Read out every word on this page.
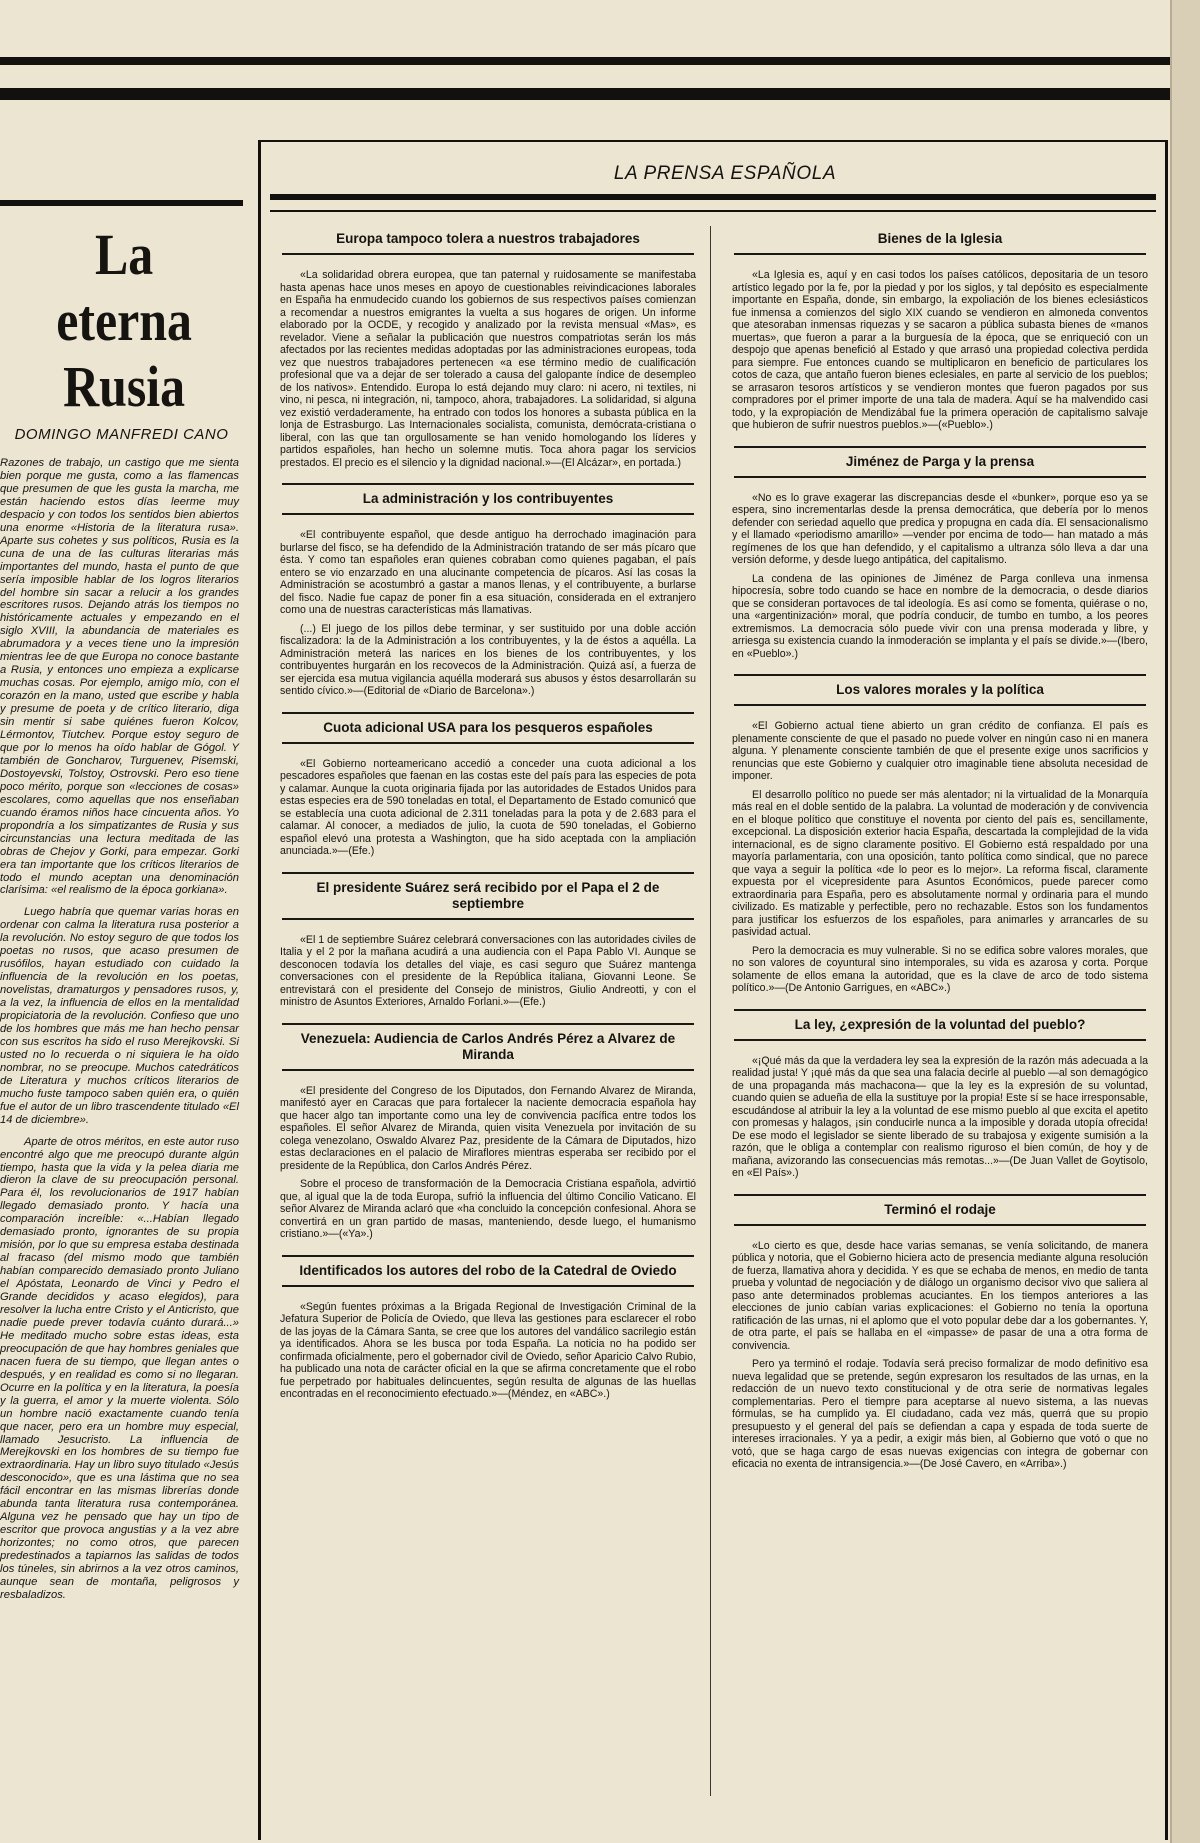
La eterna
Rusia
DOMINGO MANFREDI CANO

Razones de trabajo, un castigo que me sienta bien porque me gusta, como a las flamencas que presumen de que les gusta la marcha, me están haciendo estos días leerme muy despacio y con todos los sentidos bien abiertos una enorme «Historia de la literatura rusa». Aparte sus cohetes y sus políticos, Rusia es la cuna de una de las culturas literarias más importantes del mundo, hasta el punto de que sería imposible hablar de los logros literarios del hombre sin sacar a relucir a los grandes escritores rusos. Dejando atrás los tiempos no históricamente actuales y empezando en el siglo XVIII, la abundancia de materiales es abrumadora y a veces tiene uno la impresión mientras lee de que Europa no conoce bastante a Rusia, y entonces uno empieza a explicarse muchas cosas. Por ejemplo, amigo mío, con el corazón en la mano, usted que escribe y habla y presume de poeta y de crítico literario, diga sin mentir si sabe quiénes fueron Kolcov, Lérmontov, Tiutchev. Porque estoy seguro de que por lo menos ha oído hablar de Gógol. Y también de Goncharov, Turguenev, Pisemski, Dostoyevski, Tolstoy, Ostrovski. Pero eso tiene poco mérito, porque son «lecciones de cosas» escolares, como aquellas que nos enseñaban cuando éramos niños hace cincuenta años. Yo propondría a los simpatizantes de Rusia y sus circunstancias una lectura meditada de las obras de Chejov y Gorki, para empezar. Gorki era tan importante que los críticos literarios de todo el mundo aceptan una denominación clarísima: «el realismo de la época gorkiana».

Luego habría que quemar varias horas en ordenar con calma la literatura rusa posterior a la revolución. No estoy seguro de que todos los poetas no rusos, que acaso presumen de rusófilos, hayan estudiado con cuidado la influencia de la revolución en los poetas, novelistas, dramaturgos y pensadores rusos, y, a la vez, la influencia de ellos en la mentalidad propiciatoria de la revolución. Confieso que uno de los hombres que más me han hecho pensar con sus escritos ha sido el ruso Merejkovski. Si usted no lo recuerda o ni siquiera le ha oído nombrar, no se preocupe. Muchos catedráticos de Literatura y muchos críticos literarios de mucho fuste tampoco saben quién era, o quién fue el autor de un libro trascendente titulado «El 14 de diciembre».

Aparte de otros méritos, en este autor ruso encontré algo que me preocupó durante algún tiempo, hasta que la vida y la pelea diaria me dieron la clave de su preocupación personal. Para él, los revolucionarios de 1917 habían llegado demasiado pronto. Y hacía una comparación increíble: «...Habían llegado demasiado pronto, ignorantes de su propia misión, por lo que su empresa estaba destinada al fracaso (del mismo modo que también habían comparecido demasiado pronto Juliano el Apóstata, Leonardo de Vinci y Pedro el Grande decididos y acaso elegidos), para resolver la lucha entre Cristo y el Anticristo, que nadie puede prever todavía cuánto durará...» He meditado mucho sobre estas ideas, esta preocupación de que hay hombres geniales que nacen fuera de su tiempo, que llegan antes o después, y en realidad es como si no llegaran. Ocurre en la política y en la literatura, la poesía y la guerra, el amor y la muerte violenta. Sólo un hombre nació exactamente cuando tenía que nacer, pero era un hombre muy especial, llamado Jesucristo. La influencia de Merejkovski en los hombres de su tiempo fue extraordinaria. Hay un libro suyo titulado «Jesús desconocido», que es una lástima que no sea fácil encontrar en las mismas librerías donde abunda tanta literatura rusa contemporánea. Alguna vez he pensado que hay un tipo de escritor que provoca angustias y a la vez abre horizontes; no como otros, que parecen predestinados a tapiarnos las salidas de todos los túneles, sin abrirnos a la vez otros caminos, aunque sean de montaña, peligrosos y resbaladizos.

LA PRENSA ESPAÑOLA
Europa tampoco tolera a nuestros trabajadores

«La solidaridad obrera europea, que tan paternal y ruidosamente se manifestaba hasta apenas hace unos meses en apoyo de cuestionables reivindicaciones laborales en España ha enmudecido cuando los gobiernos de sus respectivos países comienzan a recomendar a nuestros emigrantes la vuelta a sus hogares de origen. Un informe elaborado por la OCDE, y recogido y analizado por la revista mensual «Mas», es revelador. Viene a señalar la publicación que nuestros compatriotas serán los más afectados por las recientes medidas adoptadas por las administraciones europeas, toda vez que nuestros trabajadores pertenecen «a ese término medio de cualificación profesional que va a dejar de ser tolerado a causa del galopante índice de desempleo de los nativos». Entendido. Europa lo está dejando muy claro: ni acero, ni textiles, ni vino, ni pesca, ni integración, ni, tampoco, ahora, trabajadores. La solidaridad, si alguna vez existió verdaderamente, ha entrado con todos los honores a subasta pública en la lonja de Estrasburgo. Las Internacionales socialista, comunista, demócrata-cristiana o liberal, con las que tan orgullosamente se han venido homologando los líderes y partidos españoles, han hecho un solemne mutis. Toca ahora pagar los servicios prestados. El precio es el silencio y la dignidad nacional.»—(El Alcázar», en portada.)

La administración y los contribuyentes

«El contribuyente español, que desde antiguo ha derrochado imaginación para burlarse del fisco, se ha defendido de la Administración tratando de ser más pícaro que ésta. Y como tan españoles eran quienes cobraban como quienes pagaban, el país entero se vio enzarzado en una alucinante competencia de pícaros. Así las cosas la Administración se acostumbró a gastar a manos llenas, y el contribuyente, a burlarse del fisco. Nadie fue capaz de poner fin a esa situación, considerada en el extranjero como una de nuestras características más llamativas.

(...) El juego de los pillos debe terminar, y ser sustituido por una doble acción fiscalizadora: la de la Administración a los contribuyentes, y la de éstos a aquélla. La Administración meterá las narices en los bienes de los contribuyentes, y los contribuyentes hurgarán en los recovecos de la Administración. Quizá así, a fuerza de ser ejercida esa mutua vigilancia aquélla moderará sus abusos y éstos desarrollarán su sentido cívico.»—(Editorial de «Diario de Barcelona».)

Cuota adicional USA para los pesqueros españoles

«El Gobierno norteamericano accedió a conceder una cuota adicional a los pescadores españoles que faenan en las costas este del país para las especies de pota y calamar. Aunque la cuota originaria fijada por las autoridades de Estados Unidos para estas especies era de 590 toneladas en total, el Departamento de Estado comunicó que se establecía una cuota adicional de 2.311 toneladas para la pota y de 2.683 para el calamar. Al conocer, a mediados de julio, la cuota de 590 toneladas, el Gobierno español elevó una protesta a Washington, que ha sido aceptada con la ampliación anunciada.»—(Efe.)

El presidente Suárez será recibido por el Papa el 2 de septiembre

«El 1 de septiembre Suárez celebrará conversaciones con las autoridades civiles de Italia y el 2 por la mañana acudirá a una audiencia con el Papa Pablo VI. Aunque se desconocen todavía los detalles del viaje, es casi seguro que Suárez mantenga conversaciones con el presidente de la República italiana, Giovanni Leone. Se entrevistará con el presidente del Consejo de ministros, Giulio Andreotti, y con el ministro de Asuntos Exteriores, Arnaldo Forlani.»—(Efe.)

Venezuela: Audiencia de Carlos Andrés Pérez a Alvarez de Miranda

«El presidente del Congreso de los Diputados, don Fernando Alvarez de Miranda, manifestó ayer en Caracas que para fortalecer la naciente democracia española hay que hacer algo tan importante como una ley de convivencia pacífica entre todos los españoles. El señor Alvarez de Miranda, quien visita Venezuela por invitación de su colega venezolano, Oswaldo Alvarez Paz, presidente de la Cámara de Diputados, hizo estas declaraciones en el palacio de Miraflores mientras esperaba ser recibido por el presidente de la República, don Carlos Andrés Pérez.

Sobre el proceso de transformación de la Democracia Cristiana española, advirtió que, al igual que la de toda Europa, sufrió la influencia del último Concilio Vaticano. El señor Alvarez de Miranda aclaró que «ha concluido la concepción confesional. Ahora se convertirá en un gran partido de masas, manteniendo, desde luego, el humanismo cristiano.»—(«Ya».)

Identificados los autores del robo de la Catedral de Oviedo

«Según fuentes próximas a la Brigada Regional de Investigación Criminal de la Jefatura Superior de Policía de Oviedo, que lleva las gestiones para esclarecer el robo de las joyas de la Cámara Santa, se cree que los autores del vandálico sacrilegio están ya identificados. Ahora se les busca por toda España. La noticia no ha podido ser confirmada oficialmente, pero el gobernador civil de Oviedo, señor Aparicio Calvo Rubio, ha publicado una nota de carácter oficial en la que se afirma concretamente que el robo fue perpetrado por habituales delincuentes, según resulta de algunas de las huellas encontradas en el reconocimiento efectuado.»—(Méndez, en «ABC».)

Bienes de la Iglesia

«La Iglesia es, aquí y en casi todos los países católicos, depositaria de un tesoro artístico legado por la fe, por la piedad y por los siglos, y tal depósito es especialmente importante en España, donde, sin embargo, la expoliación de los bienes eclesiásticos fue inmensa a comienzos del siglo XIX cuando se vendieron en almoneda conventos que atesoraban inmensas riquezas y se sacaron a pública subasta bienes de «manos muertas», que fueron a parar a la burguesía de la época, que se enriqueció con un despojo que apenas benefició al Estado y que arrasó una propiedad colectiva perdida para siempre. Fue entonces cuando se multiplicaron en beneficio de particulares los cotos de caza, que antaño fueron bienes eclesiales, en parte al servicio de los pueblos; se arrasaron tesoros artísticos y se vendieron montes que fueron pagados por sus compradores por el primer importe de una tala de madera. Aquí se ha malvendido casi todo, y la expropiación de Mendizábal fue la primera operación de capitalismo salvaje que hubieron de sufrir nuestros pueblos.»—(«Pueblo».)

Jiménez de Parga y la prensa

«No es lo grave exagerar las discrepancias desde el «bunker», porque eso ya se espera, sino incrementarlas desde la prensa democrática, que debería por lo menos defender con seriedad aquello que predica y propugna en cada día. El sensacionalismo y el llamado «periodismo amarillo» —vender por encima de todo— han matado a más regímenes de los que han defendido, y el capitalismo a ultranza sólo lleva a dar una versión deforme, y desde luego antipática, del capitalismo.

La condena de las opiniones de Jiménez de Parga conlleva una inmensa hipocresía, sobre todo cuando se hace en nombre de la democracia, o desde diarios que se consideran portavoces de tal ideología. Es así como se fomenta, quiérase o no, una «argentinización» moral, que podría conducir, de tumbo en tumbo, a los peores extremismos. La democracia sólo puede vivir con una prensa moderada y libre, y arriesga su existencia cuando la inmoderación se implanta y el país se divide.»—(Ibero, en «Pueblo».)

Los valores morales y la política

«El Gobierno actual tiene abierto un gran crédito de confianza. El país es plenamente consciente de que el pasado no puede volver en ningún caso ni en manera alguna. Y plenamente consciente también de que el presente exige unos sacrificios y renuncias que este Gobierno y cualquier otro imaginable tiene absoluta necesidad de imponer.

El desarrollo político no puede ser más alentador; ni la virtualidad de la Monarquía más real en el doble sentido de la palabra. La voluntad de moderación y de convivencia en el bloque político que constituye el noventa por ciento del país es, sencillamente, excepcional. La disposición exterior hacia España, descartada la complejidad de la vida internacional, es de signo claramente positivo. El Gobierno está respaldado por una mayoría parlamentaria, con una oposición, tanto política como sindical, que no parece que vaya a seguir la política «de lo peor es lo mejor». La reforma fiscal, claramente expuesta por el vicepresidente para Asuntos Económicos, puede parecer como extraordinaria para España, pero es absolutamente normal y ordinaria para el mundo civilizado. Es matizable y perfectible, pero no rechazable. Estos son los fundamentos para justificar los esfuerzos de los españoles, para animarles y arrancarles de su pasividad actual.

Pero la democracia es muy vulnerable. Si no se edifica sobre valores morales, que no son valores de coyuntural sino intemporales, su vida es azarosa y corta. Porque solamente de ellos emana la autoridad, que es la clave de arco de todo sistema político.»—(De Antonio Garrigues, en «ABC».)

La ley, ¿expresión de la voluntad del pueblo?

«¡Qué más da que la verdadera ley sea la expresión de la razón más adecuada a la realidad justa! Y ¡qué más da que sea una falacia decirle al pueblo —al son demagógico de una propaganda más machacona— que la ley es la expresión de su voluntad, cuando quien se adueña de ella la sustituye por la propia! Este sí se hace irresponsable, escudándose al atribuir la ley a la voluntad de ese mismo pueblo al que excita el apetito con promesas y halagos, ¡sin conducirle nunca a la imposible y dorada utopía ofrecida! De ese modo el legislador se siente liberado de su trabajosa y exigente sumisión a la razón, que le obliga a contemplar con realismo riguroso el bien común, de hoy y de mañana, avizorando las consecuencias más remotas...»—(De Juan Vallet de Goytisolo, en «El País».)

Terminó el rodaje

«Lo cierto es que, desde hace varias semanas, se venía solicitando, de manera pública y notoria, que el Gobierno hiciera acto de presencia mediante alguna resolución de fuerza, llamativa ahora y decidida. Y es que se echaba de menos, en medio de tanta prueba y voluntad de negociación y de diálogo un organismo decisor vivo que saliera al paso ante determinados problemas acuciantes. En los tiempos anteriores a las elecciones de junio cabían varias explicaciones: el Gobierno no tenía la oportuna ratificación de las urnas, ni el aplomo que el voto popular debe dar a los gobernantes. Y, de otra parte, el país se hallaba en el «impasse» de pasar de una a otra forma de convivencia.

Pero ya terminó el rodaje. Todavía será preciso formalizar de modo definitivo esa nueva legalidad que se pretende, según expresaron los resultados de las urnas, en la redacción de un nuevo texto constitucional y de otra serie de normativas legales complementarias. Pero el tiempre para aceptarse al nuevo sistema, a las nuevas fórmulas, se ha cumplido ya. El ciudadano, cada vez más, querrá que su propio presupuesto y el general del país se defiendan a capa y espada de toda suerte de intereses irracionales. Y ya a pedir, a exigir más bien, al Gobierno que votó o que no votó, que se haga cargo de esas nuevas exigencias con integra de gobernar con eficacia no exenta de intransigencia.»—(De José Cavero, en «Arriba».)
